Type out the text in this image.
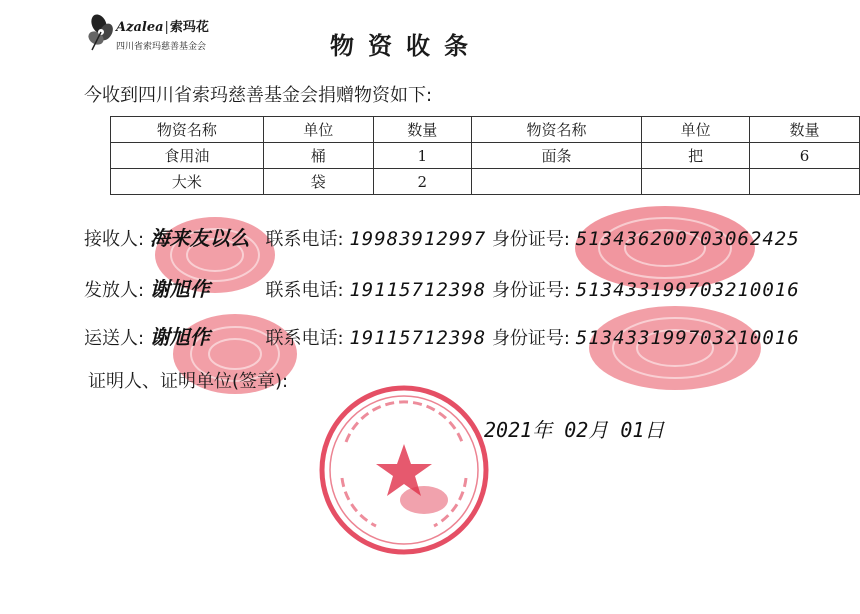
Azalea|索玛花
四川省索玛慈善基金会	物资收条
今收到四川省索玛慈善基金会捐赠物资如下:
物资名称	单位	数量	物资名称	单位	数量
食用油	桶	1	面条	把	6
大米	袋	2			
接收人: 海来友以么 联系电话: 19983912997 身份证号: 513436200703062425
发放人: 谢旭作	联系电话: 19115712398 身份证号: 513433199703210016
运送人: 谢旭作	联系电话: 19115712398 身份证号: 513433199703210016
证明人、证明单位(签章):
2021年 02月 01日
